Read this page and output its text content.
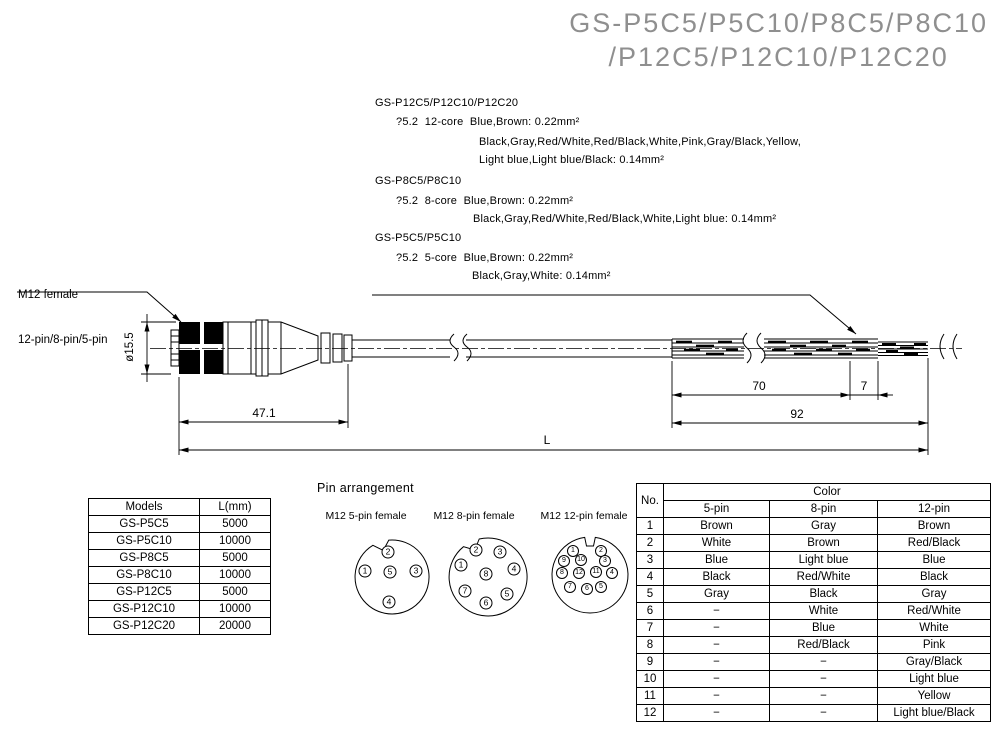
GS-P5C5/P5C10/P8C5/P8C10
/P12C5/P12C10/P12C20
GS-P12C5/P12C10/P12C20
?5.2  12-core  Blue,Brown: 0.22mm²
Black,Gray,Red/White,Red/Black,White,Pink,Gray/Black,Yellow,
Light blue,Light blue/Black: 0.14mm²
GS-P8C5/P8C10
?5.2  8-core  Blue,Brown: 0.22mm²
Black,Gray,Red/White,Red/Black,White,Light blue: 0.14mm²
GS-P5C5/P5C10
?5.2  5-core  Blue,Brown: 0.22mm²
Black,Gray,White: 0.14mm²

M12 female

12-pin/8-pin/5-pin ø15.5
47.1
70	7
92
L
Pin arrangement
M12 5-pin female	M12 8-pin female M12 12-pin female
1
2
3
4
5
1
2	3
4
5
6
7
8
1	2
9	10	3
8	12	11	4
7	6	5
Models	L(mm)
GS-P5C5	5000
GS-P5C10	10000
GS-P8C5	5000
GS-P8C10	10000
GS-P12C5	5000
GS-P12C10	10000
GS-P12C20	20000
No.	Color		
	5-pin	8-pin	12-pin
1	Brown	Gray	Brown
2	White	Brown	Red/Black
3	Blue	Light blue	Blue
4	Black	Red/White	Black
5	Gray	Black	Gray
6	−	White	Red/White
7	−	Blue	White
8	−	Red/Black	Pink
9	−	−	Gray/Black
10	−	−	Light blue
11	−	−	Yellow
12	−	−	Light blue/Black
